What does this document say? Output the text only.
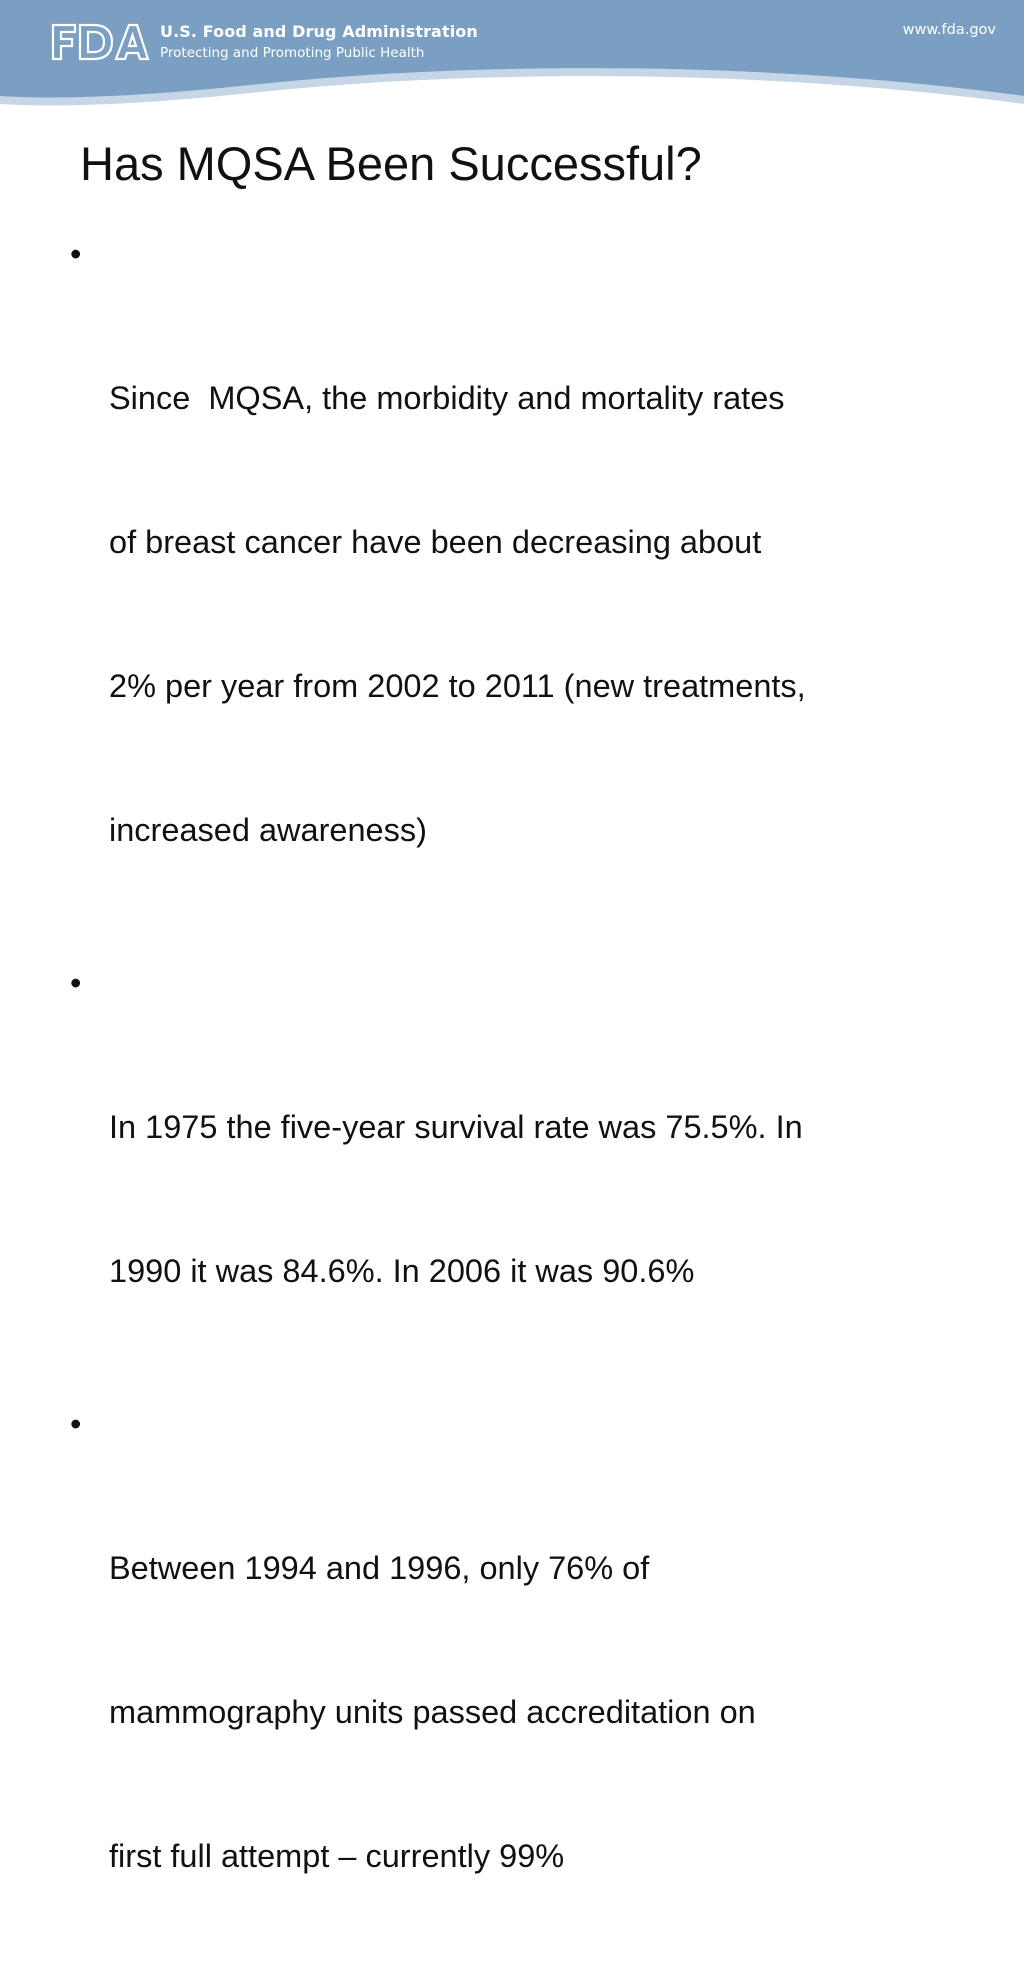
U.S. Food and Drug Administration
Protecting and Promoting Public Health
www.fda.gov
Has MQSA Been Successful?

•

Since  MQSA, the morbidity and mortality rates

of breast cancer have been decreasing about

2% per year from 2002 to 2011 (new treatments,

increased awareness)

•

In 1975 the five-year survival rate was 75.5%. In

1990 it was 84.6%. In 2006 it was 90.6%

•

Between 1994 and 1996, only 76% of

mammography units passed accreditation on

first full attempt – currently 99%
